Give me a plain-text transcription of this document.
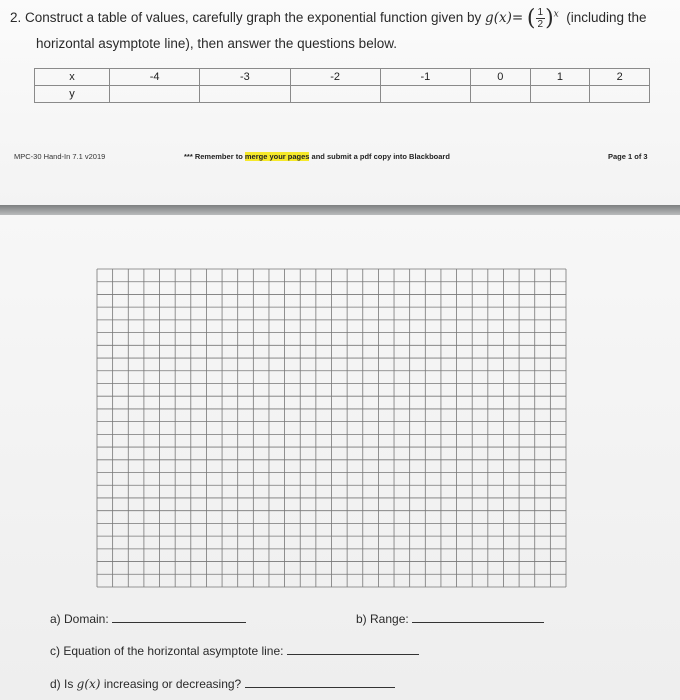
2. Construct a table of values, carefully graph the exponential function given by g(x)= ( $\frac{1}{2} )^x$ (including the
horizontal asymptote line), then answer the questions below.
x	-4	-3	-2	-1	0	1	2
y							
MPC-30 Hand-In 7.1 v2019	*** Remember to merge your pages and submit a pdf copy into Blackboard	Page 1 of 3
a) Domain:	b) Range:
c) Equation of the horizontal asymptote line:
d) Is g(x) increasing or decreasing?
